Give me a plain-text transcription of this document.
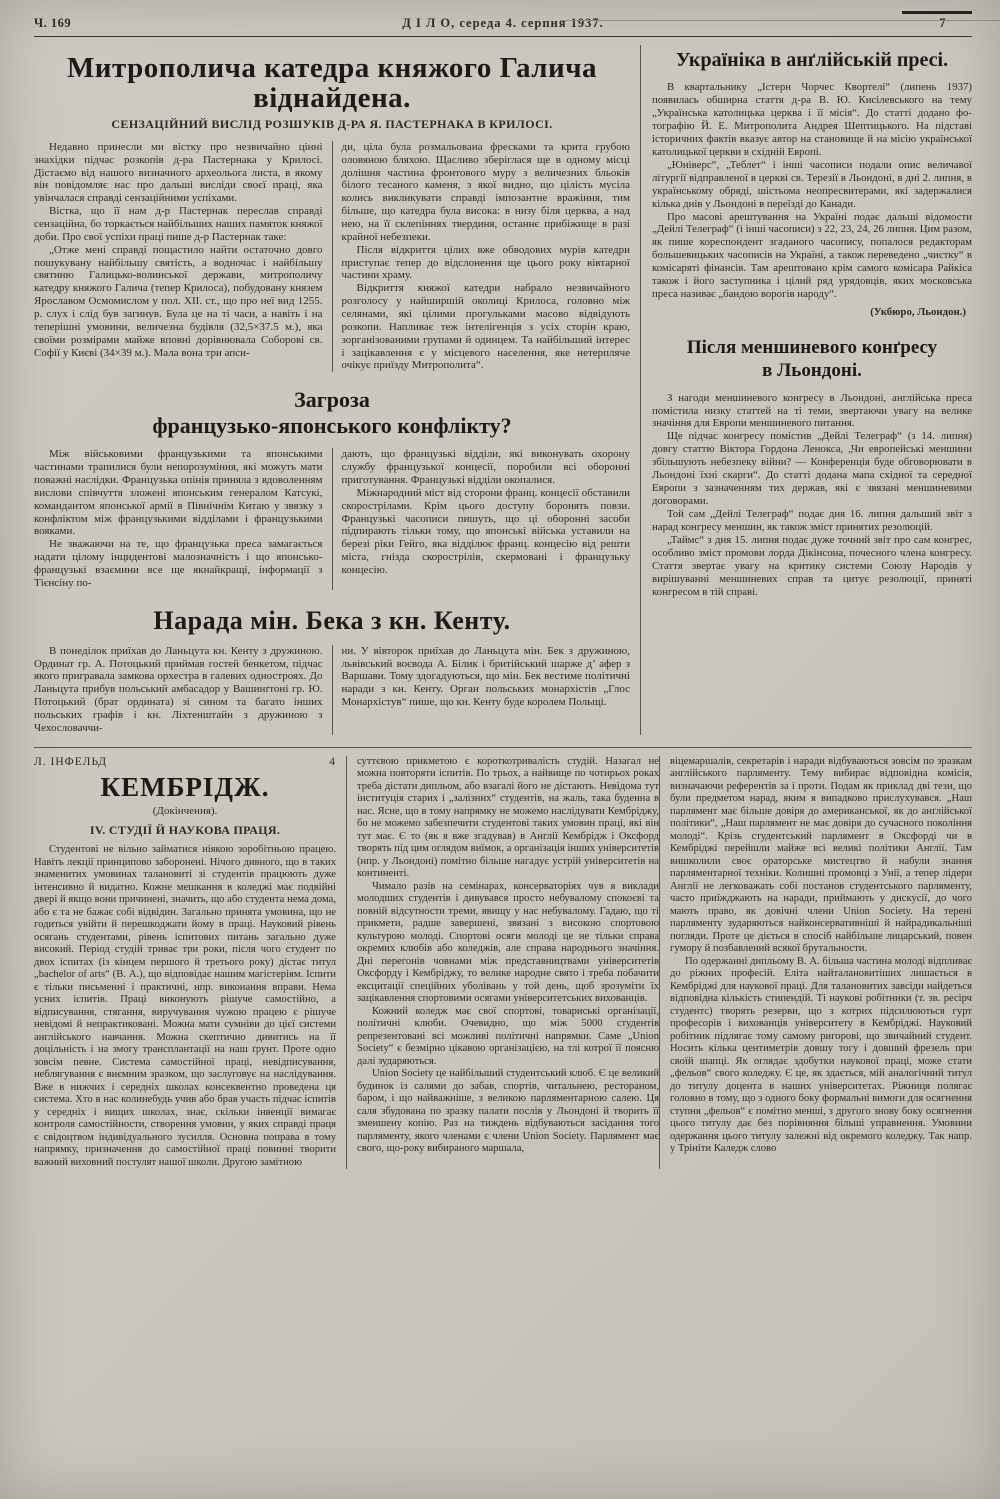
Ч. 169	Д І Л О, середа 4. серпня 1937.	7
Митрополича катедра княжого Галича віднайдена.
СЕНЗАЦІЙНИЙ ВИСЛІД РОЗШУКІВ Д-РА Я. ПАСТЕРНАКА В КРИЛОСІ.

Недавно принесли ми вістку про незвичайно цінні знахідки підчас розкопів д-ра Пастернака у Крилосі. Дістаємо від нашого визначного археольога листа, в якому він повідомляє нас про дальші висліди своєї праці, яка увінчалася справді сензаційними успіхами.

Вістка, що її нам д-р Пастернак переслав справді сензаційна, бо торкається найбільших наших памяток княжої доби. Про свої успіхи праці пише д-р Пастернак таке:

„Отже мені справді пощастило найти остаточно довго пошукувану найбільшу святість, а водночас і найбільшу святиню Галицько-волинської держави, митрополичу катедру княжого Галича (тепер Крилоса), побудовану князем Ярославом Осмомислом у пол. XII. ст., що про неї вид 1255. р. слух і слід був загинув. Була це на ті часи, а навіть і на теперішні умовини, величезна будівля (32,5×37.5 м.), яка своїми розмірами майже вповні дорівнювала Соборові св. Софії у Києві (34×39 м.). Мала вона три апси-

ди, ціла була розмальована фресками та крита грубою оловяною бляхою. Щасливо зберіглася ще в одному місці долішня частина фронтового муру з величезних бльоків білого тесаного каменя, з якої видно, що цілість мусіла колись викликувати справді імпозантне вражіння, тим більше, що катедра була висока: в низу біля церква, а над нею, на її склепіннях твердиня, останнє прибіжище в разі крайної небезпеки.

Після відкриття цілих вже обводових мурів катедри приступає тепер до відслонення ще цього року вівтарної частини храму.

Відкриття княжої катедри набрало незвичайного розголосу у найширшій околиці Крилоса, головно між селянами, які цілими прогульками масово відвідують розкопи. Напливає теж інтелігенція з усіх сторін краю, зорганізованими групами й одинцем. Та найбільший інтерес і зацікавлення є у місцевого населення, яке нетерпляче очікує приїзду Митрополита“.

Загроза
французько-японського конфлікту?

Між військовими французькими та японськими частинами трапилися були непорозуміння, які можуть мати поважні наслідки. Французька опінія приняла з вдоволенням вислови співчуття зложені японським генералом Катсукі, командантом японської армії в Північнім Китаю у звязку з конфліктом між французькими відділами і французькими вояками.

Не зважаючи на те, що французька преса замагається надати цілому інцидентові малозначність і що японсько-французькі взаємини все ще якнайкращі, інформації з Тієнсіну по-

дають, що французькі відділи, які виконувать охорону службу французької концесії, поробили всі оборонні приготування. Французькі відділи окопалися.

Міжнародний міст від сторони франц. концесії обставили скорострілами. Крім цього доступу боронять повзи. Французькі часописи пишуть, що ці оборонні засоби підпирають тільки тому, що японські війська уставили на березі ріки Гейго, яка відділює франц. концесію від решти міста, гнізда скорострілів, скермовані і французьку концесію.

Нарада мін. Бека з кн. Кенту.

В понеділок приїхав до Ланьцута кн. Кенту з дружиною. Ординат гр. А. Потоцький приймав гостей бенкетом, підчас якого пригравала замкова орхестра в галевих одностроях. До Ланьцута прибув польський амбасадор у Вашинґтоні гр. Ю. Потоцький (брат ордината) зі сином та багато інших польських графів і кн. Ліхтенштайн з дружиною з Чехословаччи-

ни. У вівторок приїхав до Ланьцута мін. Бек з дружиною, львівський воєвода А. Білик і бритійський шарже д’ афер з Варшави. Тому здогадуються, що мін. Бек вестиме політичні наради з кн. Кенту. Орган польських монархістів „Глос Монархістув“ пише, що кн. Кенту буде королем Польщі.

Україніка в анґлійській пресі.

В квартальнику „Істерн Чорчес Квортелі“ (липень 1937) появилась обширна стаття д-ра В. Ю. Кисілевського на тему „Українська католицька церква і її місія“. До статті додано фотографію Й. Е. Митрополита Андрея Шептицького. На підставі історичних фактів вказує автор на становище й на місію української католицької церкви в східній Европі.

„Юніверс“, „Теблет“ і інші часописи подали опис величавої літургії відправленої в церкві св. Терезії в Льондоні, в дні 2. липня, в українському обряді, шістьома неопресвитерами, які задержалися кілька днів у Льондоні в переїзді до Канади.

Про масові арештування на Україні подає дальші відомости „Дейлі Телеграф“ (і інші часописи) з 22, 23, 24, 26 липня. Цим разом, як пише кореспондент згаданого часопису, попалося редакторам большевицьких часописів на Україні, а також переведено „чистку“ в комісаряті фінансів. Там арештовано крім самого комісара Райкіса також і його заступника і цілий ряд урядовців, яких московська преса називає „бандою ворогів народу“.

(Укбюро, Льондон.)
Після меншиневого конґресу
в Льондоні.

З нагоди меншиневого конгресу в Льондоні, англійська преса помістила низку статтей на ті теми, звертаючи увагу на велике значіння для Европи меншиневого питання.

Ще підчас конгресу помістив „Дейлі Телеграф“ (з 14. липня) довгу статтю Віктора Гордона Ленокса, „Чи европейські меншини збільшують небезпеку війни? — Конференція буде обговорювати в Льондоні їхні скарги“. До статті додана мапа східної та середної Европи з зазначенням тих держав, які є звязані меншиневими договорами.

Той сам „Дейлі Телеграф“ подає дня 16. липня дальший звіт з нарад конгресу меншин, як також зміст принятих резолюцій.

„Таймс“ з дня 15. липня подає дуже точний звіт про сам конгрес, особливо зміст промови лорда Дікінсона, почесного члена конгресу. Стаття звертає увагу на критику системи Союзу Народів у вирішуванні меншиневих справ та цитує резолюції, приняті конгресом в тій справі.

Л. ІНФЕЛЬД	4
КЕМБРІДЖ.
(Докінчення).
IV. СТУДІЇ Й НАУКОВА ПРАЦЯ.

Студентові не вільно займатися ніякою зоробітньою працею. Навіть лекції принципово заборонені. Нічого дивного, що в таких знаменитих умовинах талановиті зі студентів працюють дуже інтенсивно й видатно. Кожне мешкання в коледжі має подвійні двері й якщо вони причинені, значить, що або студента нема дома, або є та не бажає собі відвідин. Загально принята умовина, що не годиться увійти й перешкоджати йому в праці. Науковий рівень осягань студентами, рівень іспитових питань загально дуже високий. Період студій триває три роки, після чого студент по двох іспитах (із кінцем першого й третього року) дістає титул „bachelor of arts“ (В. А.), що відповідає нашим магістеріям. Іспити є тільки письменні і практичні, нпр. виконання вправи. Нема усних іспитів. Праці виконують рішуче самостійно, а відписування, стягання, виручування чужою працею є рішуче невідомі й непрактиковані. Можна мати сумніви до цієї системи англійського навчання. Можна скептично дивитись на її доцільність і на змогу трансплантації на наш ґрунт. Проте одно зовсім певне. Система самостійної праці, невідписування, неблягування є виємним зразком, що заслуговує на наслідування. Вже в нижчих і середніх школах консеквентно проведена ця система. Хто в нас колинебудь учив або брав участь підчас іспитів у середніх і вищих школах, знає, скільки інвенції вимагає контроля самостійности, створення умовин, у яких справді праця є свідоцтвом індивідуального зусилля. Основна поправа в тому напрямку, призначення до самостійної праці повинні творити важний виховний постулят нашої школи. Другою замітною

суттєвою прикметою є короткотривалість студій. Назагал не можна повторяти іспитів. По трьох, а найвище по чотирьох роках треба дістати дипльом, або взагалі його не дістають. Невідома тут інституція старих і „залізних“ студентів, на жаль, така буденна в нас. Ясне, що в тому напрямку не можемо наслідувати Кембріджу, бо не можемо забезпечити студентові таких умовин праці, які він тут має. Є то (як я вже згадував) в Англії Кембрідж і Оксфорд творять під цим оглядом виїмок, а організація інших університетів (нпр. у Льондоні) помітно більше нагадує устрій університетів на континенті.

Чимало разів на семінарах, консерваторіях чув я виклади молодших студентів і дивувався просто небувалому спокоєві та повній відсутности треми, явищу у нас небувалому. Гадаю, що ті прикмети, радше завершені, звязані з високою спортовою культурою молоді. Спортові осяги молоді це не тільки справа окремих клюбів або коледжів, але справа народнього значіння. Дні перегонів човнами між представництвами університетів Оксфорду і Кембріджу, то велике народне свято і треба побачити ексцитації спеційних уболівань у той день, щоб зрозуміти їх зацікавлення спортовими осягами університетських вихованців.

Кожний коледж має свої спортові, товариські організації, політичні клюби. Очевидно, що між 5000 студентів репрезентовані всі можливі політичні напрямки. Саме „Union Society“ є безмірно цікавою організацією, на тлі котрої її поясню далі зударяються.

Union Society це найбільший студентський клюб. Є це великий будинок із салями до забав, спортів, читальнею, рестораном, баром, і що найважніше, з великою парляментарною салею. Ця саля збудована по зразку палати послів у Льондоні й творить її зменшену копію. Раз на тиждень відбуваються засідання того парляменту, якого членами є члени Union Society. Парлямент має свого, що-року вибираного маршала,

віцемаршалів, секретарів і наради відбуваються зовсім по зразкам англійського парляменту. Тему вибирає відповідна комісія, визначаючи референтів за і проти. Подам як приклад дві тези, що були предметом нарад, яким я випадково прислухувався. „Наш парлямент має більше довіря до американської, як до анґлійської політики“, „Наш парлямент не має довіря до сучасного покоління молоді“. Крізь студентський парлямент в Оксфорді чи в Кембріджі перейшли майже всі великі політики Англії. Там вишколили своє ораторське мистецтво й набули знання парляментарної техніки. Колишні промовці з Унії, а тепер лідери Англії не легковажать собі постанов студентського парляменту, часто приїжджають на наради, приймають у дискусії, до чого мають право, як довічні члени Union Society. На терені парляменту зударяються найконсервативніші й найрадикальніші погляди. Проте це діється в спосіб найбільше лицарський, повен гумору й позбавлений всякої брутальности.

По одержанні дипльому В. А. більша частина молоді відпливає до ріжних професій. Еліта найталановитіших лишається в Кембріджі для наукової праці. Для талановитих завсіди найдеться відповідна кількість стипендій. Ті наукові робітники (т. зв. ресірч студентс) творять резерви, що з котрих підсилюються гурт професорів і вихованців університету в Кембріджі. Науковий робітник підлягає тому самому ригорові, що звичайний студент. Носить кілька центиметрів довшу тогу і довший фрезель при своїй шапці. Як оглядає здобутки наукової праці, може стати „фельов“ свого коледжу. Є це, як здається, мій аналогічний титул до титулу доцента в наших університетах. Ріжниця полягає головно в тому, що з одного боку формальні вимоги для осягнення ступня „фельов“ є помітно менші, з другого знову боку осягнення цього титулу дає без порівняння більші управнення. Умовини одержання цього титулу залежні від окремого коледжу. Так напр. у Трініти Каледж слово
